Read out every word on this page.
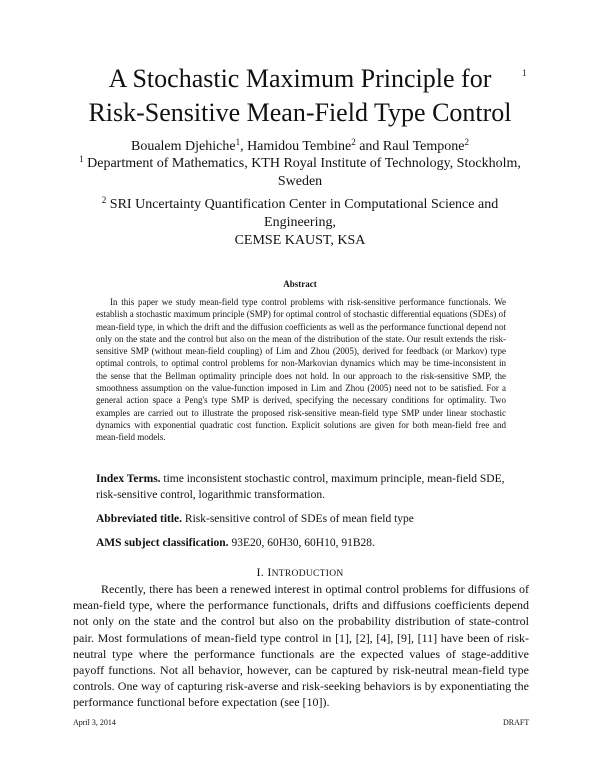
1
A Stochastic Maximum Principle for
Risk-Sensitive Mean-Field Type Control
Boualem Djehiche$^1$, Hamidou Tembine$^2$ and Raul Tempone$^2$

$^1$ Department of Mathematics, KTH Royal Institute of Technology, Stockholm, Sweden

$^2$ SRI Uncertainty Quantification Center in Computational Science and Engineering,

CEMSE KAUST, KSA

Abstract

In this paper we study mean-field type control problems with risk-sensitive performance functionals. We establish a stochastic maximum principle (SMP) for optimal control of stochastic differential equations (SDEs) of mean-field type, in which the drift and the diffusion coefficients as well as the performance functional depend not only on the state and the control but also on the mean of the distribution of the state. Our result extends the risk-sensitive SMP (without mean-field coupling) of Lim and Zhou (2005), derived for feedback (or Markov) type optimal controls, to optimal control problems for non-Markovian dynamics which may be time-inconsistent in the sense that the Bellman optimality principle does not hold. In our approach to the risk-sensitive SMP, the smoothness assumption on the value-function imposed in Lim and Zhou (2005) need not to be satisfied. For a general action space a Peng's type SMP is derived, specifying the necessary conditions for optimality. Two examples are carried out to illustrate the proposed risk-sensitive mean-field type SMP under linear stochastic dynamics with exponential quadratic cost function. Explicit solutions are given for both mean-field free and mean-field models.

Index Terms. time inconsistent stochastic control, maximum principle, mean-field SDE, risk-sensitive control, logarithmic transformation.

Abbreviated title. Risk-sensitive control of SDEs of mean field type

AMS subject classification. 93E20, 60H30, 60H10, 91B28.

I. INTRODUCTION

Recently, there has been a renewed interest in optimal control problems for diffusions of mean-field type, where the performance functionals, drifts and diffusions coefficients depend not only on the state and the control but also on the probability distribution of state-control pair. Most formulations of mean-field type control in [1], [2], [4], [9], [11] have been of risk-neutral type where the performance functionals are the expected values of stage-additive payoff functions. Not all behavior, however, can be captured by risk-neutral mean-field type controls. One way of capturing risk-averse and risk-seeking behaviors is by exponentiating the performance functional before expectation (see [10]).

April 3, 2014	DRAFT
